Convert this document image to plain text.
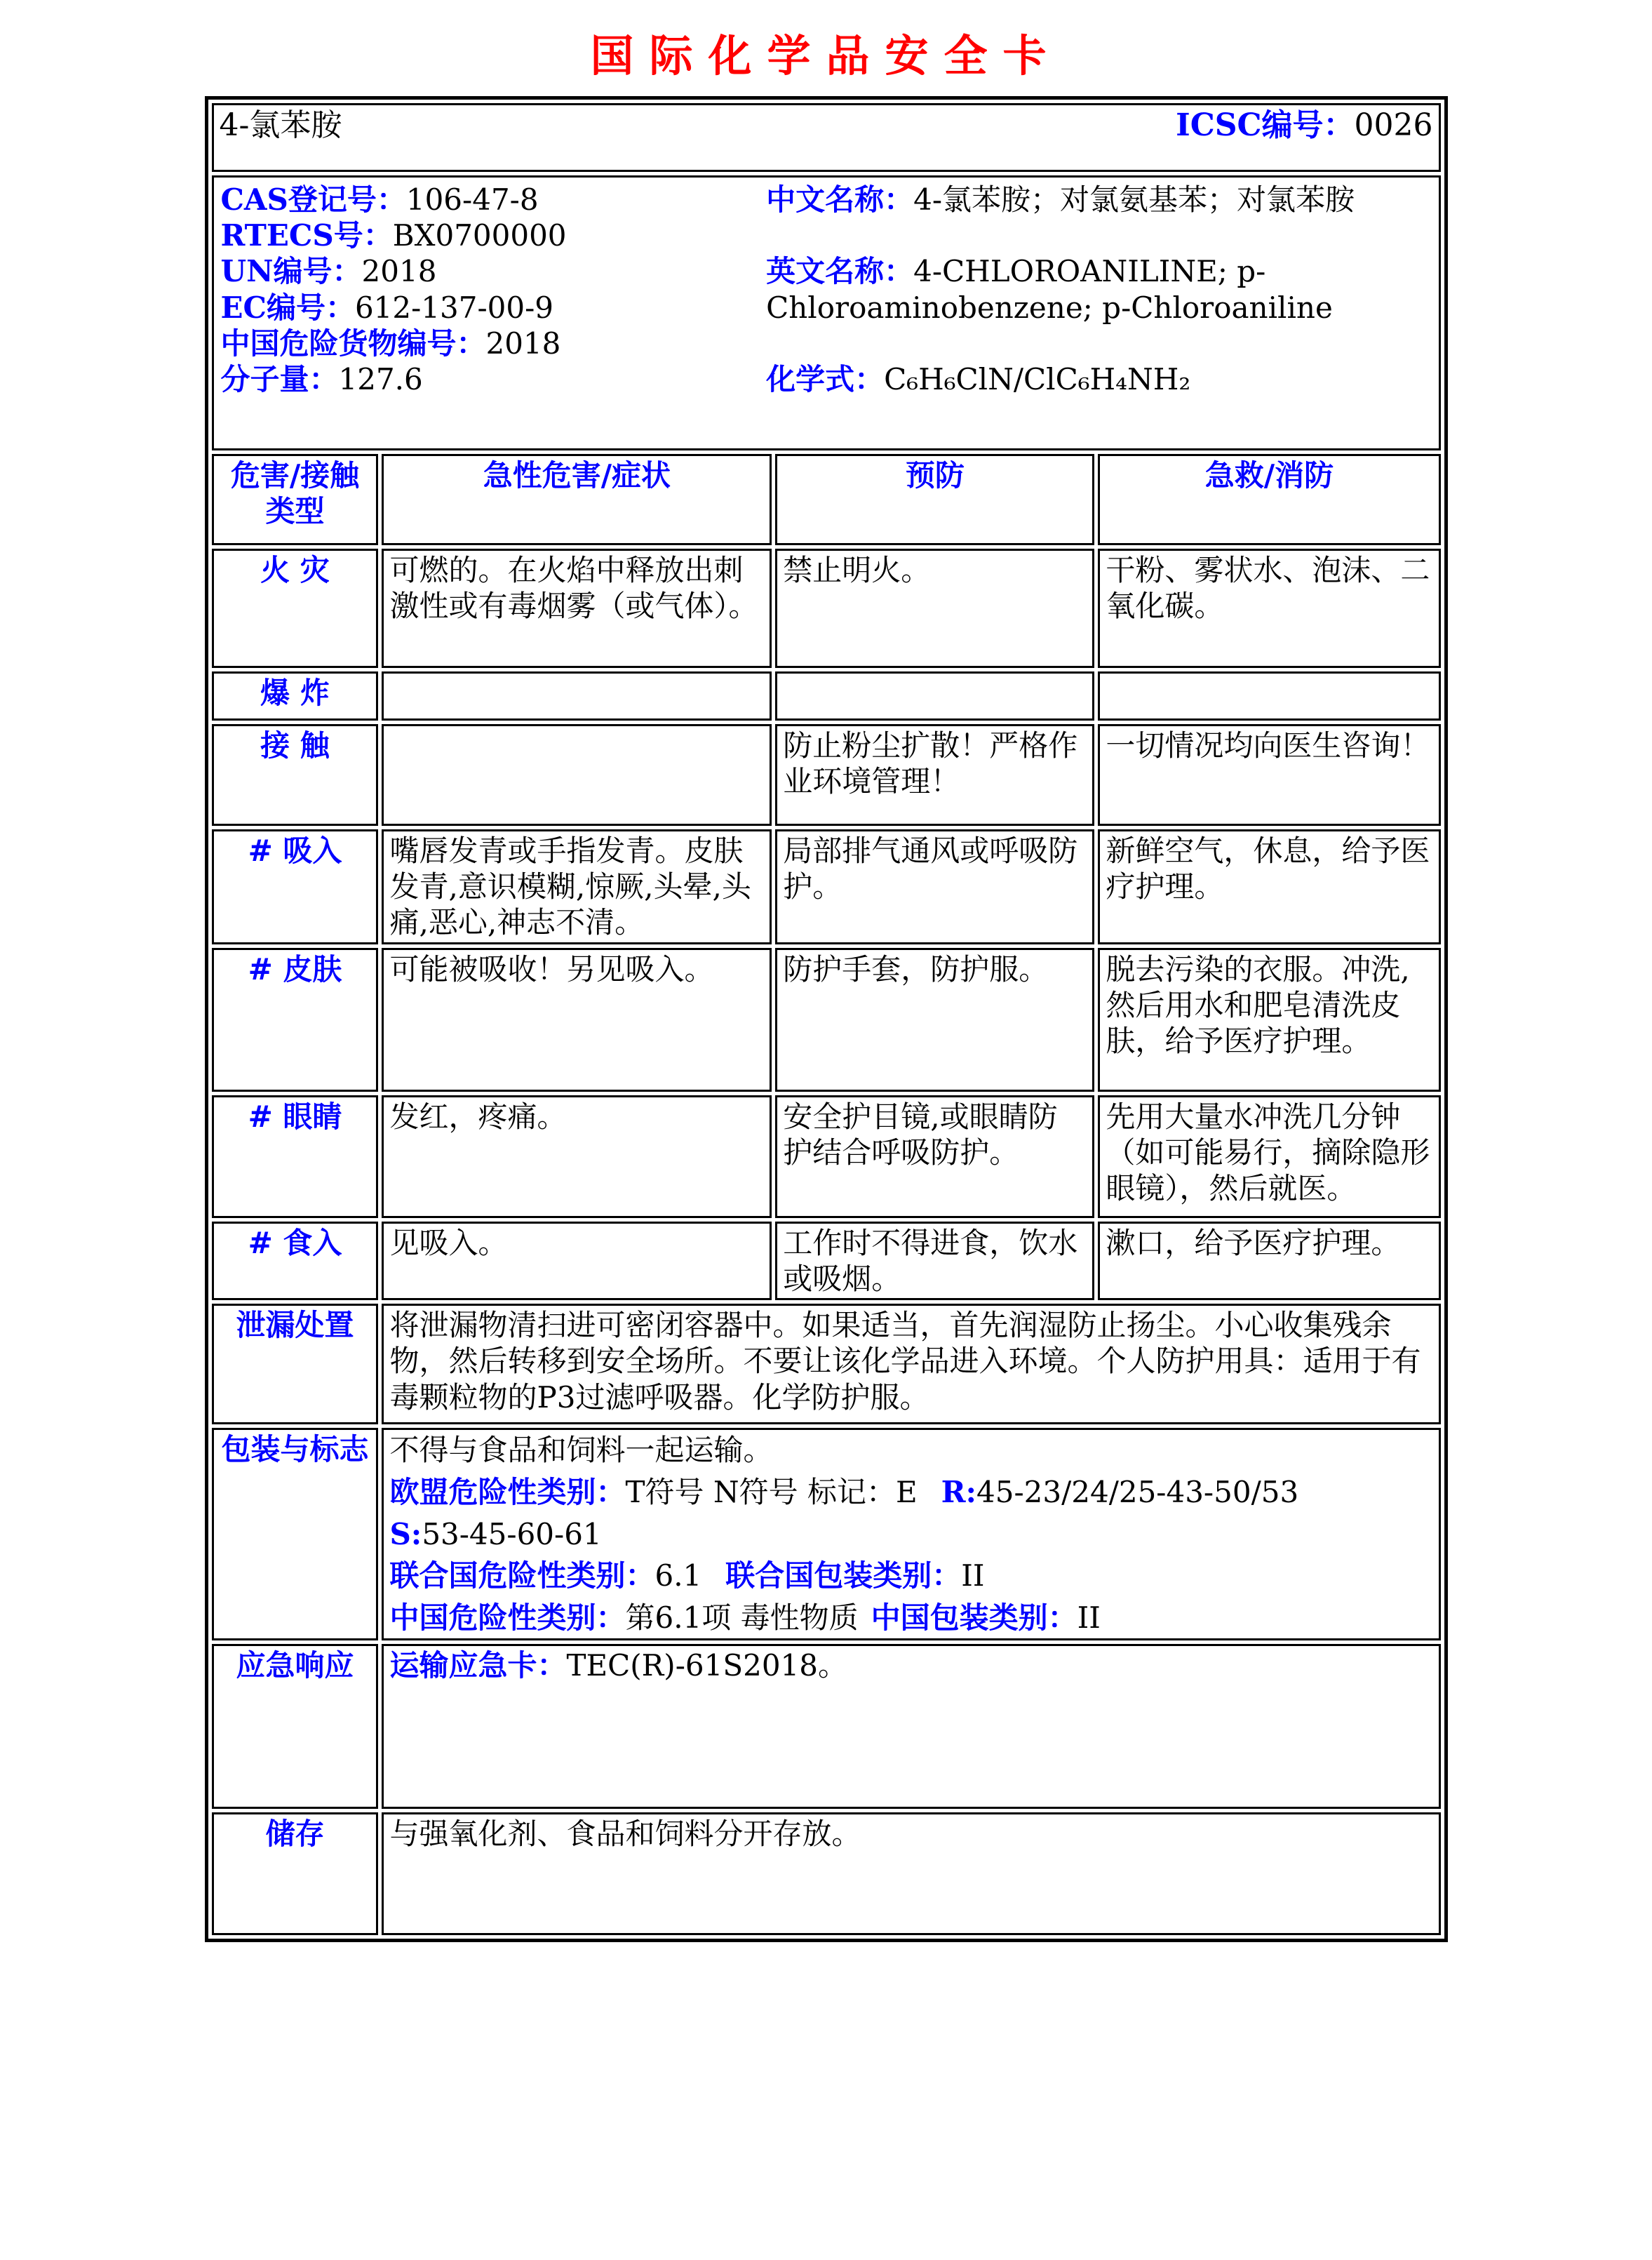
国际化学品安全卡
4-氯苯胺 ICSC编号：0026			

CAS登记号：106-47-8
RTECS号：BX0700000
UN编号：2018
EC编号：612-137-00-9
中国危险货物编号：2018
分子量：127.6
中文名称：4-氯苯胺；对氯氨基苯；对氯苯胺
英文名称：4-CHLOROANILINE; p-Chloroaminobenzene; p-Chloroaniline
化学式：C₆H₆ClN/ClC₆H₄NH₂

危害/接触类型	急性危害/症状	预防	急救/消防
火 灾	可燃的。在火焰中释放出刺激性或有毒烟雾（或气体）。	禁止明火。	干粉、雾状水、泡沫、二氧化碳。
爆 炸			
接 触		防止粉尘扩散！严格作业环境管理！	一切情况均向医生咨询！
# 吸入	嘴唇发青或手指发青。皮肤发青,意识模糊,惊厥,头晕,头痛,恶心,神志不清。	局部排气通风或呼吸防护。	新鲜空气，休息，给予医疗护理。
# 皮肤	可能被吸收！另见吸入。	防护手套，防护服。	脱去污染的衣服。冲洗,然后用水和肥皂清洗皮肤，给予医疗护理。
# 眼睛	发红，疼痛。	安全护目镜,或眼睛防护结合呼吸防护。	先用大量水冲洗几分钟（如可能易行，摘除隐形眼镜），然后就医。
# 食入	见吸入。	工作时不得进食，饮水或吸烟。	漱口，给予医疗护理。
泄漏处置	将泄漏物清扫进可密闭容器中。如果适当，首先润湿防止扬尘。小心收集残余物，然后转移到安全场所。不要让该化学品进入环境。个人防护用具：适用于有毒颗粒物的P3过滤呼吸器。化学防护服。		
包装与标志	不得与食品和饲料一起运输。
欧盟危险性类别：T符号 N符号 标记：E R:45-23/24/25-43-50/53
S:53-45-60-61
联合国危险性类别：6.1 联合国包装类别：II
中国危险性类别：第6.1项 毒性物质 中国包装类别：II		

应急响应	运输应急卡：TEC(R)-61S2018。		
储存	与强氧化剂、食品和饲料分开存放。		
